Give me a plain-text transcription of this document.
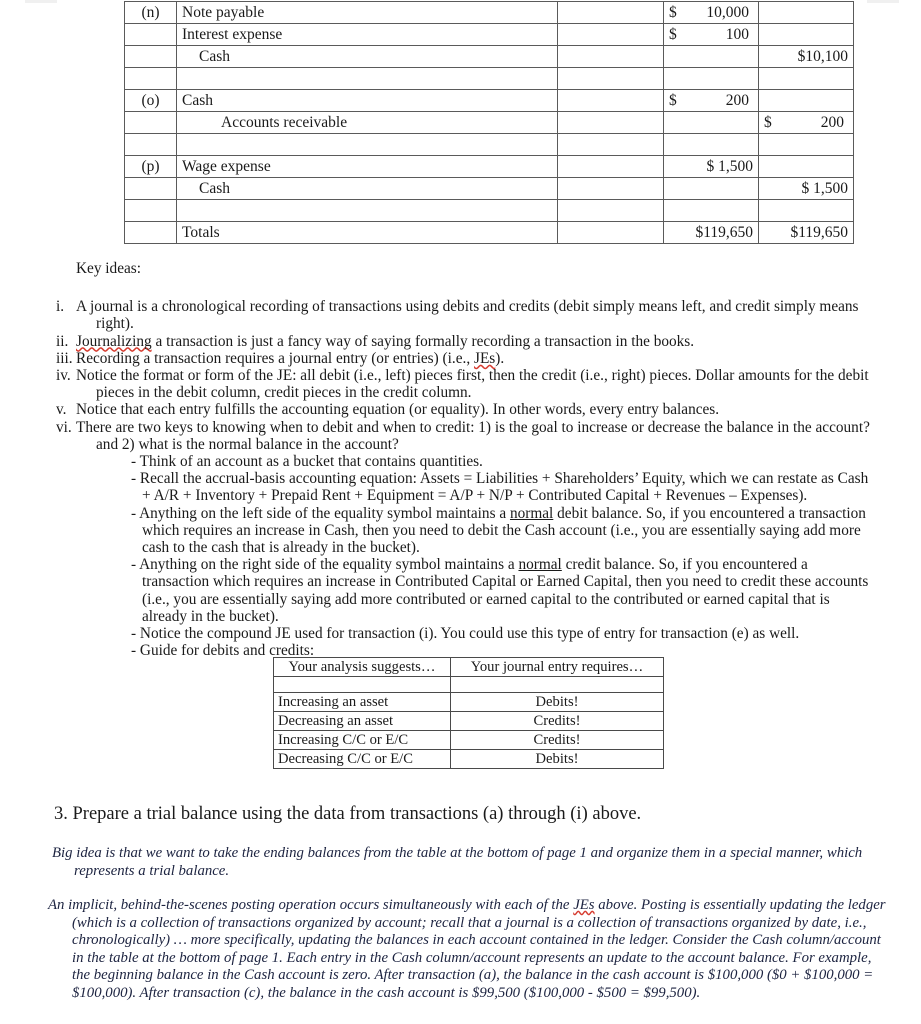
(n)	Note payable		$ 10,000	

	Interest expense		$ 100	

	Cash			$10,100

(o)	Cash		$ 200	

	Accounts receivable			$ 200

(p)	Wage expense		$ 1,500	
	Cash			$ 1,500

	Totals		$119,650	$119,650
Key ideas:
i.A journal is a chronological recording of transactions using debits and credits (debit simply means left, and credit simply means right).
ii.Journalizing a transaction is just a fancy way of saying formally recording a transaction in the books.
iii.Recording a transaction requires a journal entry (or entries) (i.e., JEs).
iv.Notice the format or form of the JE: all debit (i.e., left) pieces first, then the credit (i.e., right) pieces. Dollar amounts for the debit pieces in the debit column, credit pieces in the credit column.
v.Notice that each entry fulfills the accounting equation (or equality). In other words, every entry balances.
vi.There are two keys to knowing when to debit and when to credit: 1) is the goal to increase or decrease the balance in the account? and 2) what is the normal balance in the account?
- Think of an account as a bucket that contains quantities.
- Recall the accrual-basis accounting equation: Assets = Liabilities + Shareholders’ Equity, which we can restate as Cash + A/R + Inventory + Prepaid Rent + Equipment = A/P + N/P + Contributed Capital + Revenues – Expenses).
- Anything on the left side of the equality symbol maintains a normal debit balance. So, if you encountered a transaction which requires an increase in Cash, then you need to debit the Cash account (i.e., you are essentially saying add more cash to the cash that is already in the bucket).
- Anything on the right side of the equality symbol maintains a normal credit balance. So, if you encountered a transaction which requires an increase in Contributed Capital or Earned Capital, then you need to credit these accounts (i.e., you are essentially saying add more contributed or earned capital to the contributed or earned capital that is already in the bucket).
- Notice the compound JE used for transaction (i). You could use this type of entry for transaction (e) as well.
- Guide for debits and credits:
Your analysis suggests…	Your journal entry requires…

Increasing an asset	Debits!
Decreasing an asset	Credits!
Increasing C/C or E/C	Credits!
Decreasing C/C or E/C	Debits!
3. Prepare a trial balance using the data from transactions (a) through (i) above.
Big idea is that we want to take the ending balances from the table at the bottom of page 1 and organize them in a special manner, which represents a trial balance.
An implicit, behind-the-scenes posting operation occurs simultaneously with each of the JEs above. Posting is essentially updating the ledger (which is a collection of transactions organized by account; recall that a journal is a collection of transactions organized by date, i.e., chronologically) … more specifically, updating the balances in each account contained in the ledger. Consider the Cash column/account in the table at the bottom of page 1. Each entry in the Cash column/account represents an update to the account balance. For example, the beginning balance in the Cash account is zero. After transaction (a), the balance in the cash account is $100,000 ($0 + $100,000 = $100,000). After transaction (c), the balance in the cash account is $99,500 ($100,000 - $500 = $99,500).
